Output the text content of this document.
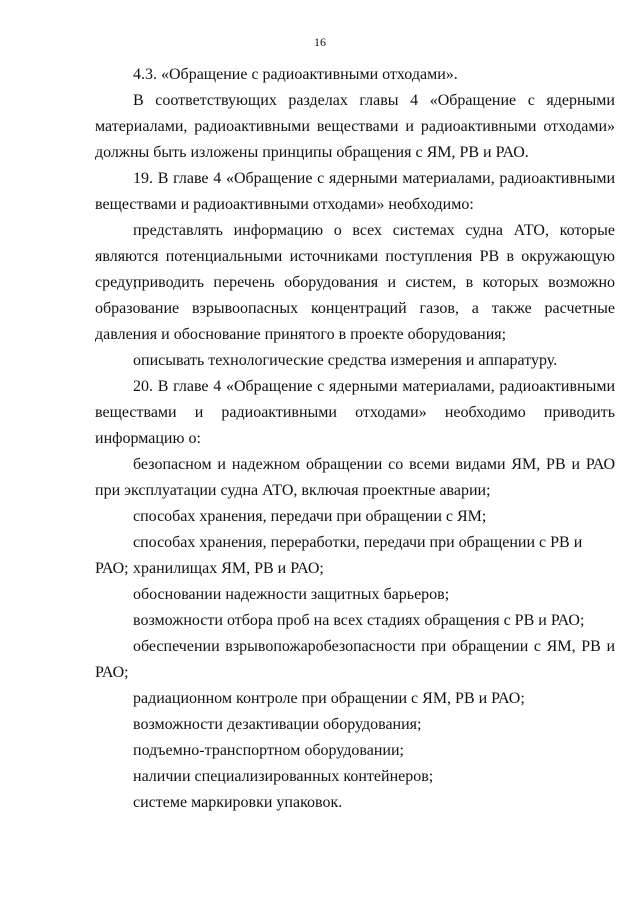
16

4.3. «Обращение с радиоактивными отходами».

В соответствующих разделах главы 4 «Обращение с ядерными материалами, радиоактивными веществами и радиоактивными отходами» должны быть изложены принципы обращения с ЯМ, РВ и РАО.

19. В главе 4 «Обращение с ядерными материалами, радиоактивными веществами и радиоактивными отходами» необходимо:

представлять информацию о всех системах судна АТО, которые являются потенциальными источниками поступления РВ в окружающую среду;

приводить перечень оборудования и систем, в которых возможно образование взрывоопасных концентраций газов, а также расчетные давления и обоснование принятого в проекте оборудования;

описывать технологические средства измерения и аппаратуру.

20. В главе 4 «Обращение с ядерными материалами, радиоактивными веществами и радиоактивными отходами» необходимо приводить информацию о:

безопасном и надежном обращении со всеми видами ЯМ, РВ и РАО при эксплуатации судна АТО, включая проектные аварии;

способах хранения, передачи при обращении с ЯМ;

способах хранения, переработки, передачи при обращении с РВ и РАО; хранилищах ЯМ, РВ и РАО;

обосновании надежности защитных барьеров;

возможности отбора проб на всех стадиях обращения с РВ и РАО;

обеспечении взрывопожаробезопасности при обращении с ЯМ, РВ и РАО;

радиационном контроле при обращении с ЯМ, РВ и РАО;

возможности дезактивации оборудования;

подъемно-транспортном оборудовании;

наличии специализированных контейнеров;

системе маркировки упаковок.
